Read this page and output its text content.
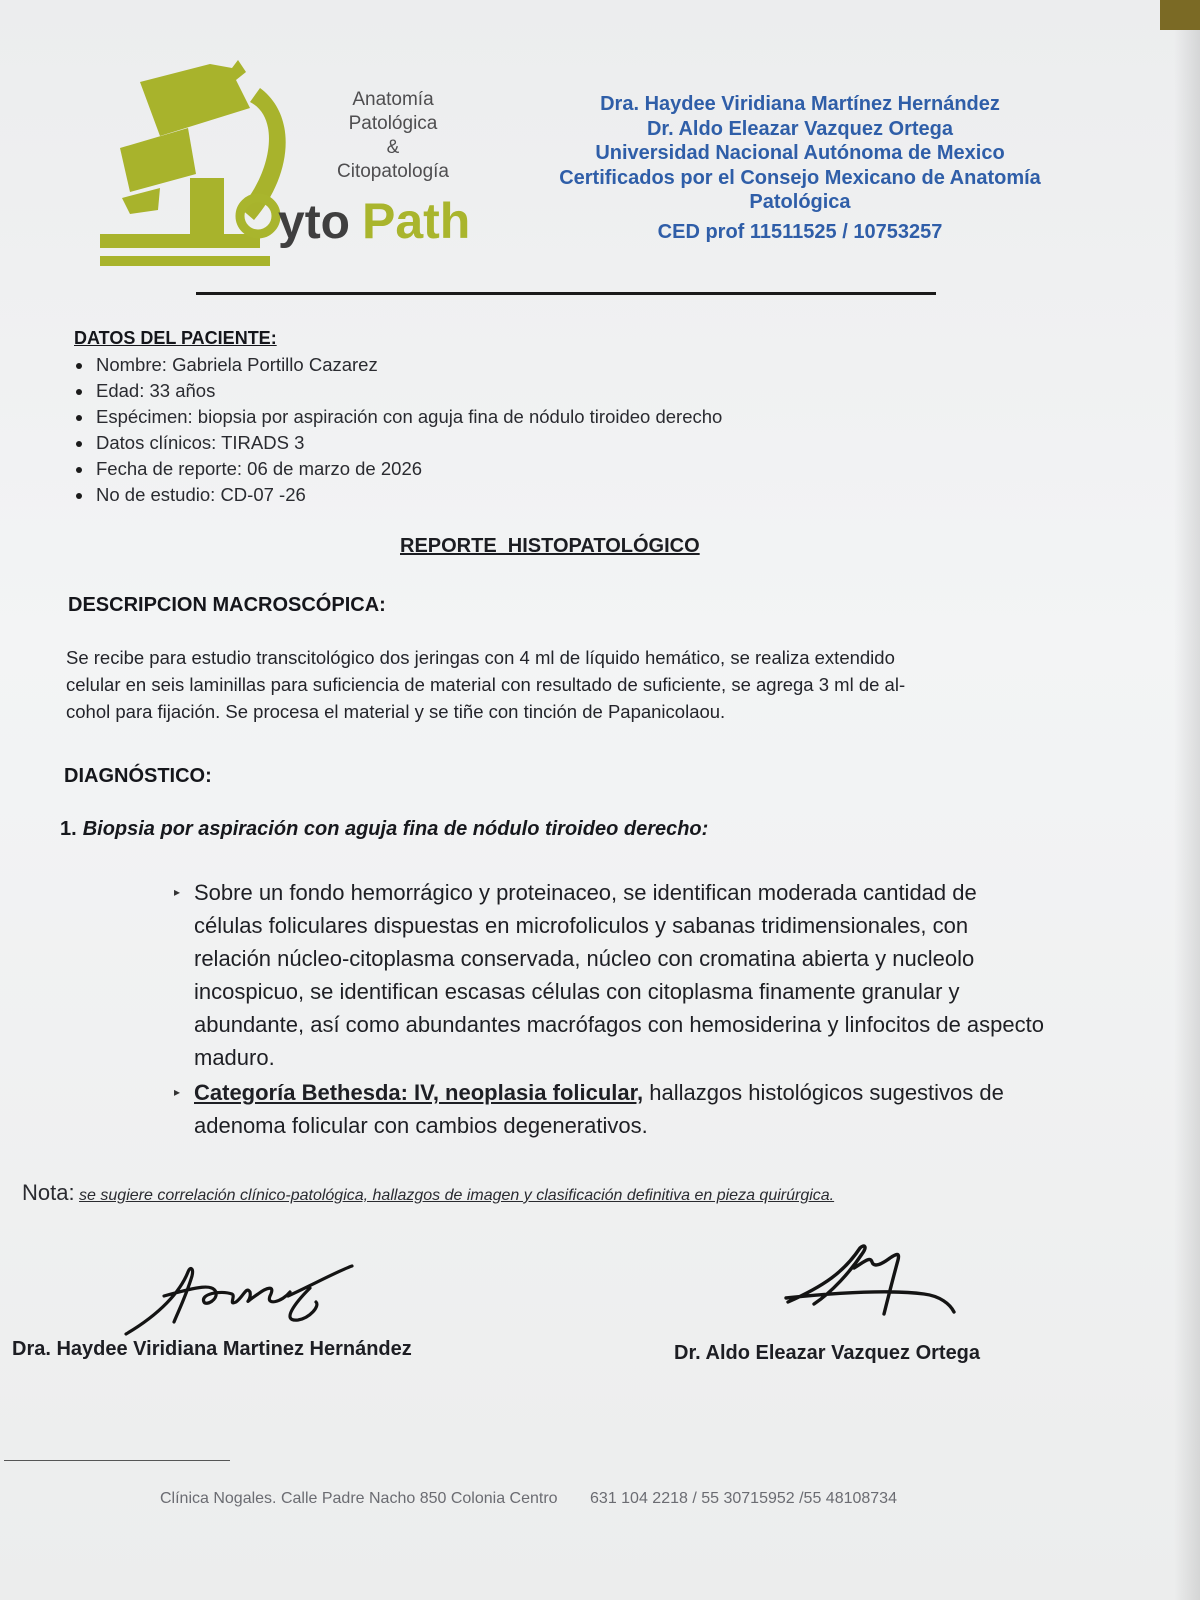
yto Path
Anatomía
Patológica
&
Citopatología
Dra. Haydee Viridiana Martínez Hernández
Dr. Aldo Eleazar Vazquez Ortega
Universidad Nacional Autónoma de Mexico
Certificados por el Consejo Mexicano de Anatomía
Patológica
CED prof 11511525 / 10753257
DATOS DEL PACIENTE:
Nombre: Gabriela Portillo Cazarez
Edad: 33 años
Espécimen: biopsia por aspiración con aguja fina de nódulo tiroideo derecho
Datos clínicos: TIRADS 3
Fecha de reporte: 06 de marzo de 2026
No de estudio: CD-07 -26
REPORTE  HISTOPATOLÓGICO
DESCRIPCION MACROSCÓPICA:
Se recibe para estudio transcitológico dos jeringas con 4 ml de líquido hemático, se realiza extendido
celular en seis laminillas para suficiencia de material con resultado de suficiente, se agrega 3 ml de al-
cohol para fijación. Se procesa el material y se tiñe con tinción de Papanicolaou.
DIAGNÓSTICO:
1. Biopsia por aspiración con aguja fina de nódulo tiroideo derecho:
▸ Sobre un fondo hemorrágico y proteinaceo, se identifican moderada cantidad de células foliculares dispuestas en microfoliculos y sabanas tridimensionales, con relación núcleo-citoplasma conservada, núcleo con cromatina abierta y nucleolo incospicuo, se identifican escasas células con citoplasma finamente granular y abundante, así como abundantes macrófagos con hemosiderina y linfocitos de aspecto maduro.
▸ Categoría Bethesda: IV, neoplasia folicular, hallazgos histológicos sugestivos de adenoma folicular con cambios degenerativos.
Nota: se sugiere correlación clínico-patológica, hallazgos de imagen y clasificación definitiva en pieza quirúrgica.
Dra. Haydee Viridiana Martinez Hernández	Dr. Aldo Eleazar Vazquez Ortega
Clínica Nogales. Calle Padre Nacho 850 Colonia Centro 631 104 2218 / 55 30715952 /55 48108734
